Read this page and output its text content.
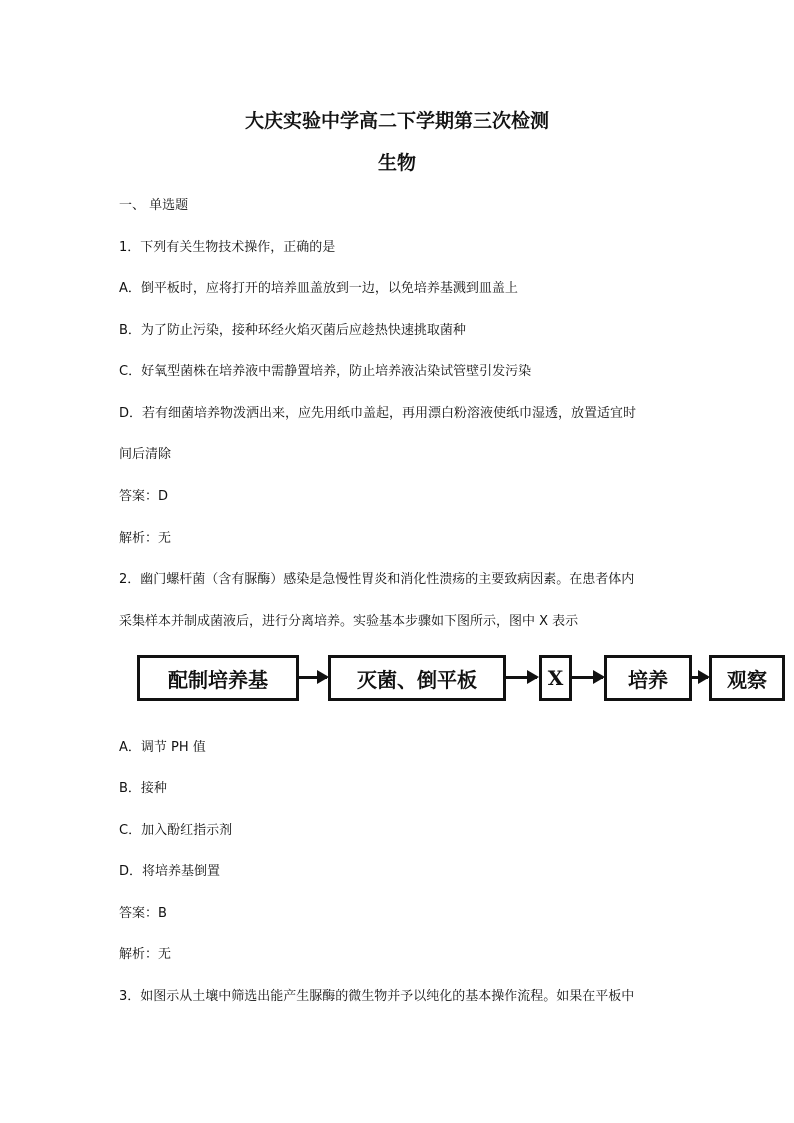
大庆实验中学高二下学期第三次检测
生物
一、 单选题
1．下列有关生物技术操作，正确的是
A．倒平板时，应将打开的培养皿盖放到一边，以免培养基溅到皿盖上
B．为了防止污染，接种环经火焰灭菌后应趁热快速挑取菌种
C．好氧型菌株在培养液中需静置培养，防止培养液沾染试管壁引发污染
D．若有细菌培养物泼洒出来，应先用纸巾盖起，再用漂白粉溶液使纸巾湿透，放置适宜时
间后清除
答案：D
解析：无
2．幽门螺杆菌（含有脲酶）感染是急慢性胃炎和消化性溃疡的主要致病因素。在患者体内
采集样本并制成菌液后，进行分离培养。实验基本步骤如下图所示，图中 X 表示
配制培养基	灭菌、倒平板	X	培养	观察
A．调节 PH 值
B．接种
C．加入酚红指示剂
D．将培养基倒置
答案：B
解析：无
3．如图示从土壤中筛选出能产生脲酶的微生物并予以纯化的基本操作流程。如果在平板中
